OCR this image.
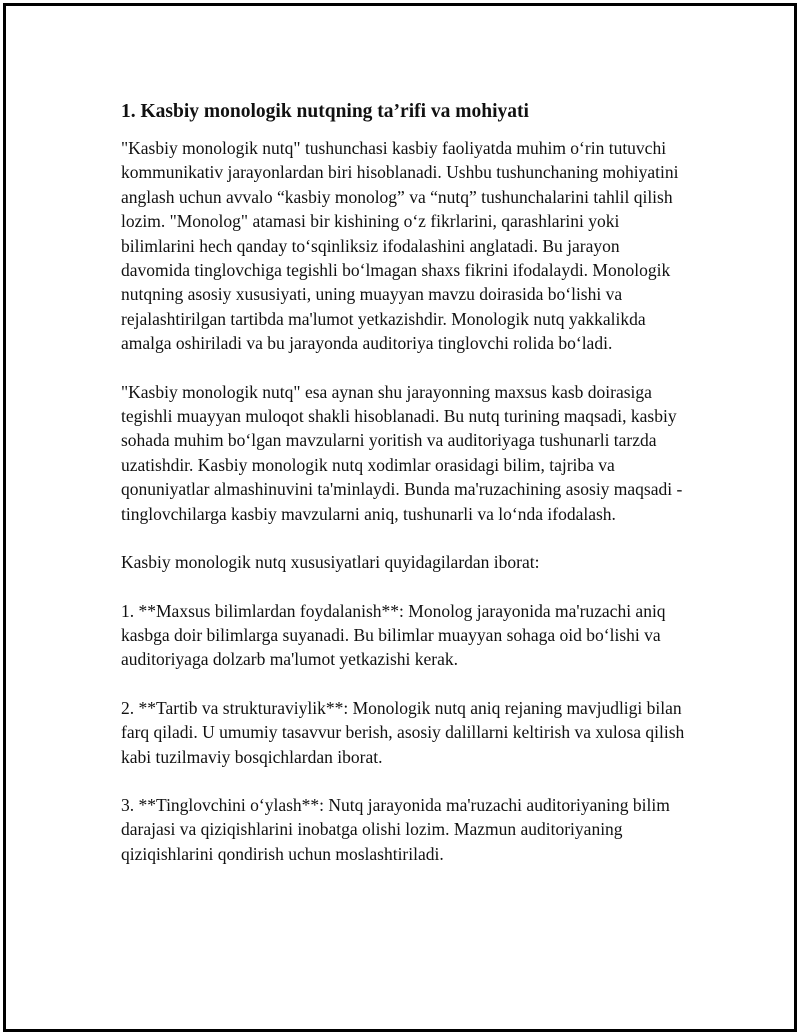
1. Kasbiy monologik nutqning ta’rifi va mohiyati

"Kasbiy monologik nutq" tushunchasi kasbiy faoliyatda muhim o‘rin tutuvchi kommunikativ jarayonlardan biri hisoblanadi. Ushbu tushunchaning mohiyatini anglash uchun avvalo “kasbiy monolog” va “nutq” tushunchalarini tahlil qilish lozim. "Monolog" atamasi bir kishining o‘z fikrlarini, qarashlarini yoki bilimlarini hech qanday to‘sqinliksiz ifodalashini anglatadi. Bu jarayon davomida tinglovchiga tegishli bo‘lmagan shaxs fikrini ifodalaydi. Monologik nutqning asosiy xususiyati, uning muayyan mavzu doirasida bo‘lishi va rejalashtirilgan tartibda ma'lumot yetkazishdir. Monologik nutq yakkalikda amalga oshiriladi va bu jarayonda auditoriya tinglovchi rolida bo‘ladi.

"Kasbiy monologik nutq" esa aynan shu jarayonning maxsus kasb doirasiga tegishli muayyan muloqot shakli hisoblanadi. Bu nutq turining maqsadi, kasbiy sohada muhim bo‘lgan mavzularni yoritish va auditoriyaga tushunarli tarzda uzatishdir. Kasbiy monologik nutq xodimlar orasidagi bilim, tajriba va qonuniyatlar almashinuvini ta'minlaydi. Bunda ma'ruzachining asosiy maqsadi - tinglovchilarga kasbiy mavzularni aniq, tushunarli va lo‘nda ifodalash.

Kasbiy monologik nutq xususiyatlari quyidagilardan iborat:

1. **Maxsus bilimlardan foydalanish**: Monolog jarayonida ma'ruzachi aniq kasbga doir bilimlarga suyanadi. Bu bilimlar muayyan sohaga oid bo‘lishi va auditoriyaga dolzarb ma'lumot yetkazishi kerak.

2. **Tartib va strukturaviylik**: Monologik nutq aniq rejaning mavjudligi bilan farq qiladi. U umumiy tasavvur berish, asosiy dalillarni keltirish va xulosa qilish kabi tuzilmaviy bosqichlardan iborat.

3. **Tinglovchini o‘ylash**: Nutq jarayonida ma'ruzachi auditoriyaning bilim darajasi va qiziqishlarini inobatga olishi lozim. Mazmun auditoriyaning qiziqishlarini qondirish uchun moslashtiriladi.
